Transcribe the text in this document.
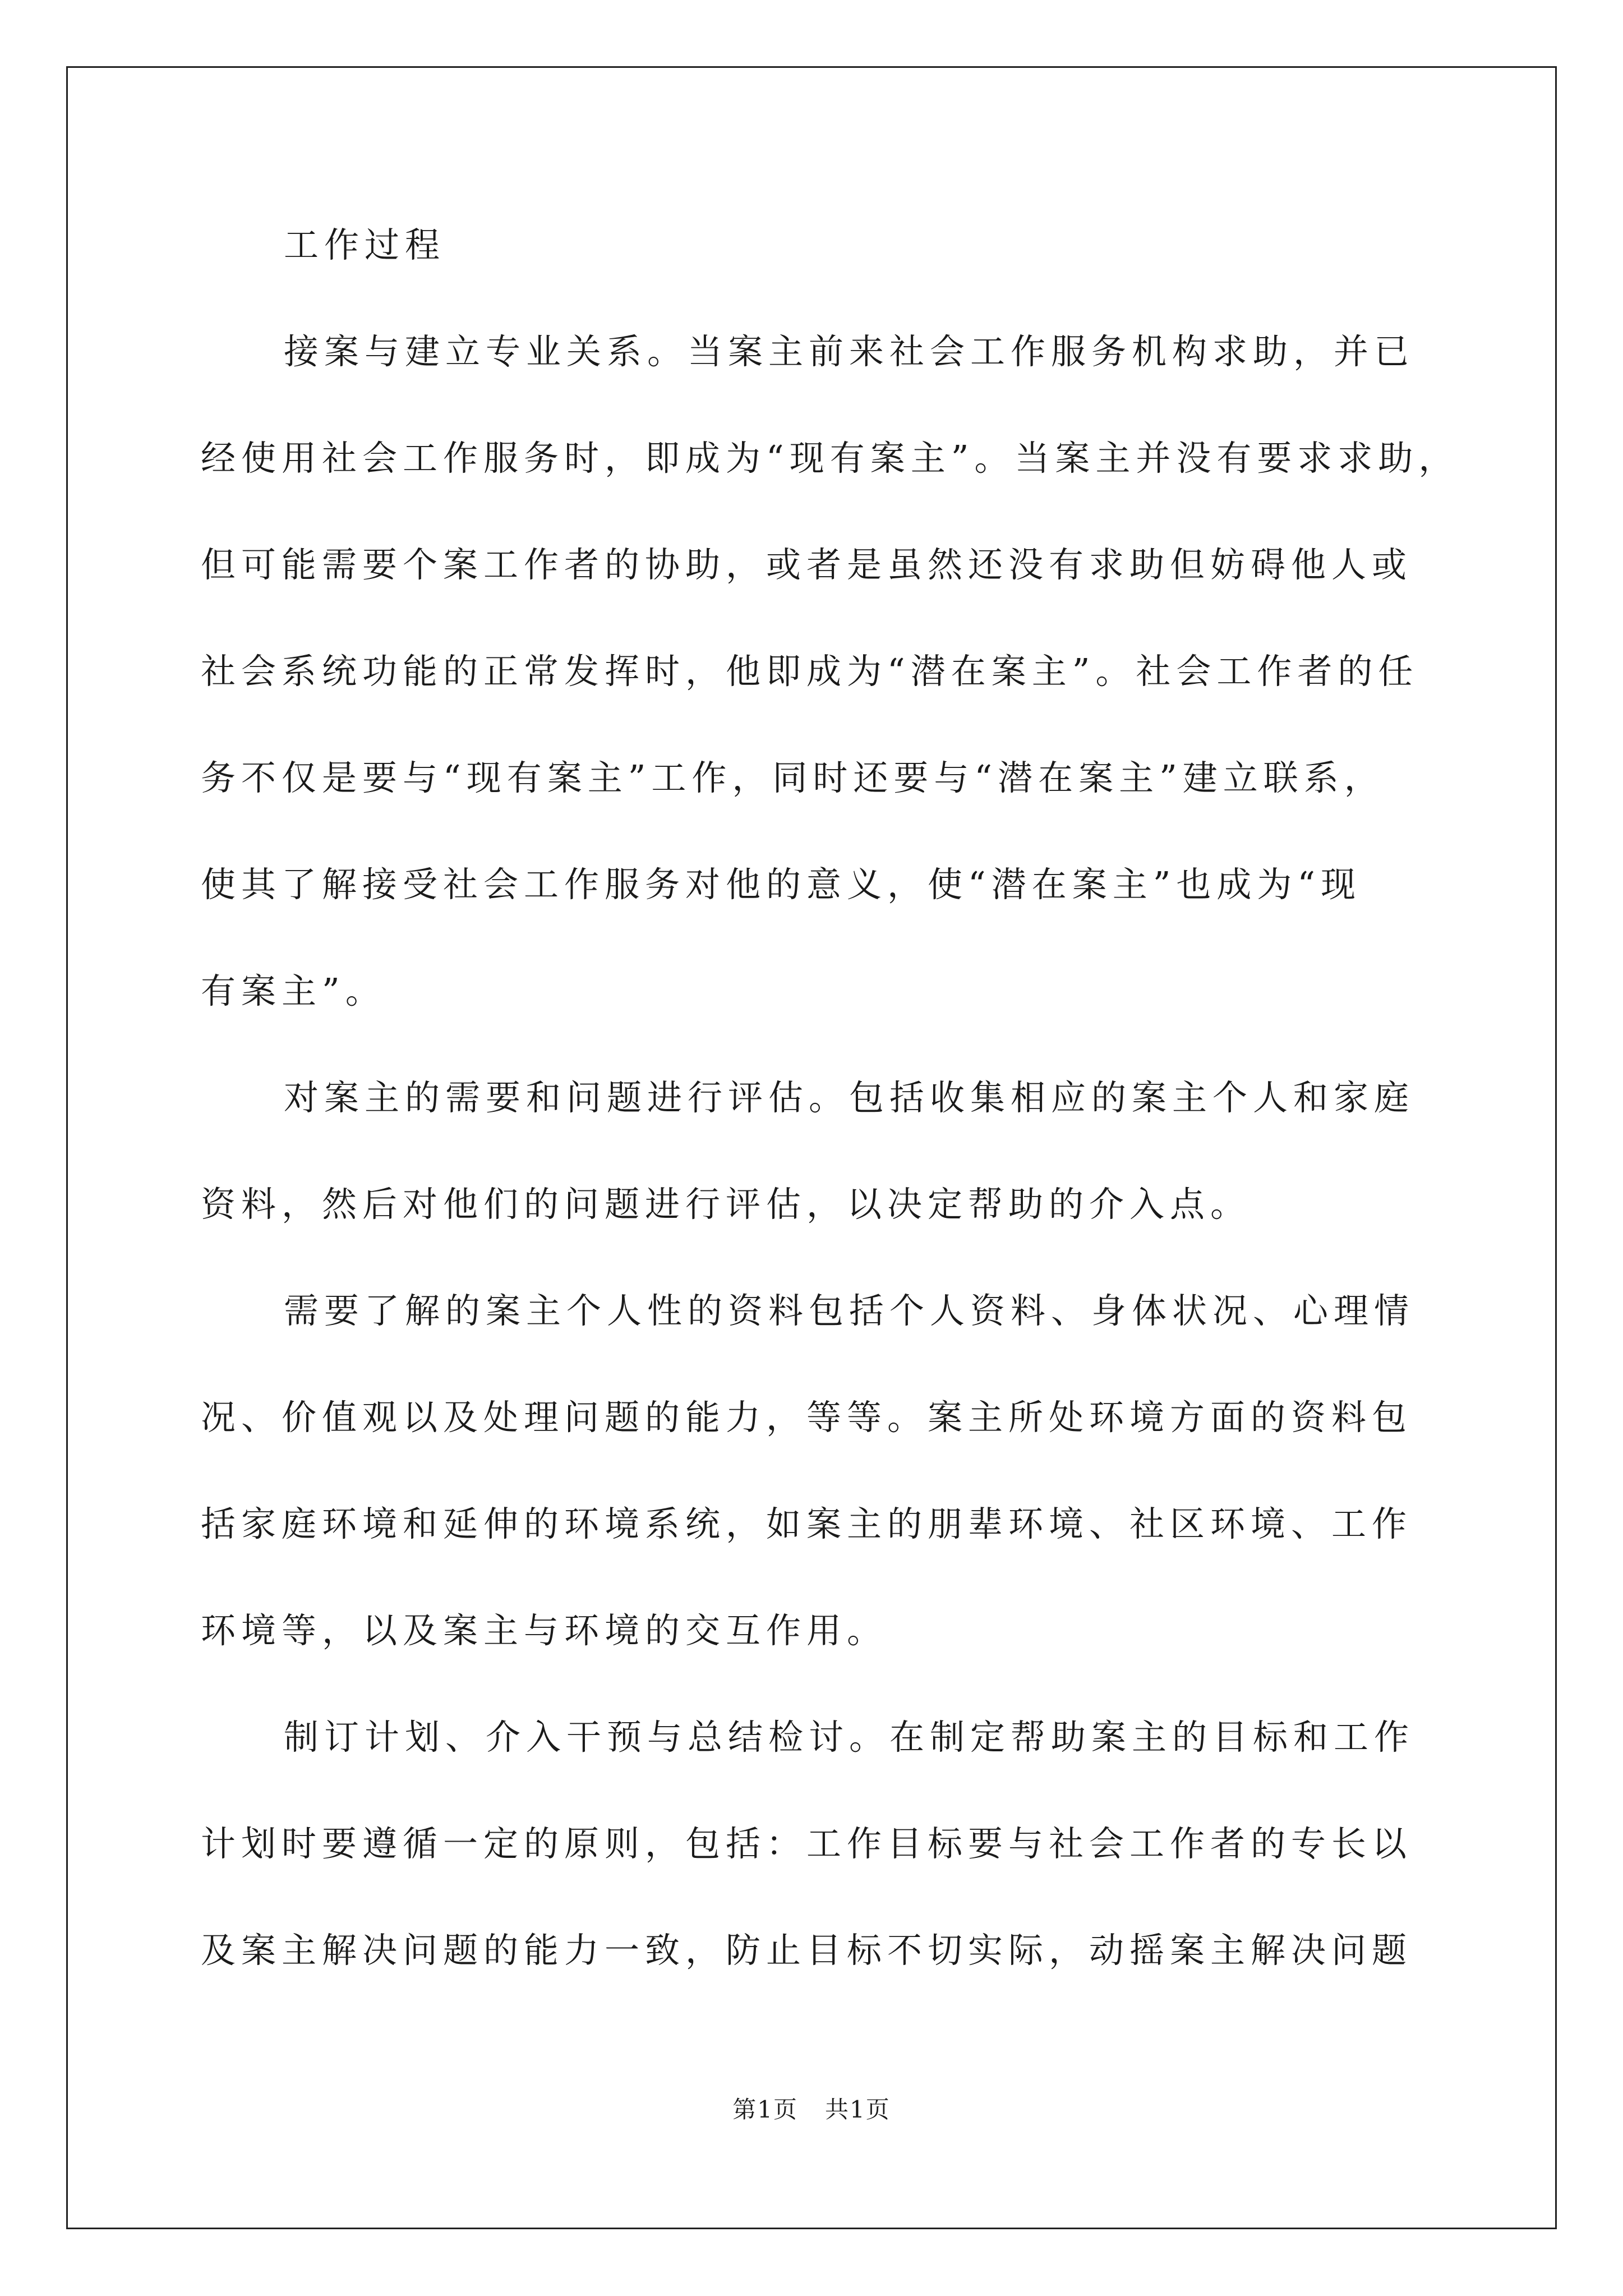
工作过程
接案与建立专业关系。当案主前来社会工作服务机构求助，并已
经使用社会工作服务时，即成为“现有案主”。当案主并没有要求求助，
但可能需要个案工作者的协助，或者是虽然还没有求助但妨碍他人或
社会系统功能的正常发挥时，他即成为“潜在案主”。社会工作者的任
务不仅是要与“现有案主”工作，同时还要与“潜在案主”建立联系，
使其了解接受社会工作服务对他的意义，使“潜在案主”也成为“现
有案主”。
对案主的需要和问题进行评估。包括收集相应的案主个人和家庭
资料，然后对他们的问题进行评估，以决定帮助的介入点。
需要了解的案主个人性的资料包括个人资料、身体状况、心理情
况、价值观以及处理问题的能力，等等。案主所处环境方面的资料包
括家庭环境和延伸的环境系统，如案主的朋辈环境、社区环境、工作
环境等，以及案主与环境的交互作用。
制订计划、介入干预与总结检讨。在制定帮助案主的目标和工作
计划时要遵循一定的原则，包括：工作目标要与社会工作者的专长以
及案主解决问题的能力一致，防止目标不切实际，动摇案主解决问题
第1页 共1页
